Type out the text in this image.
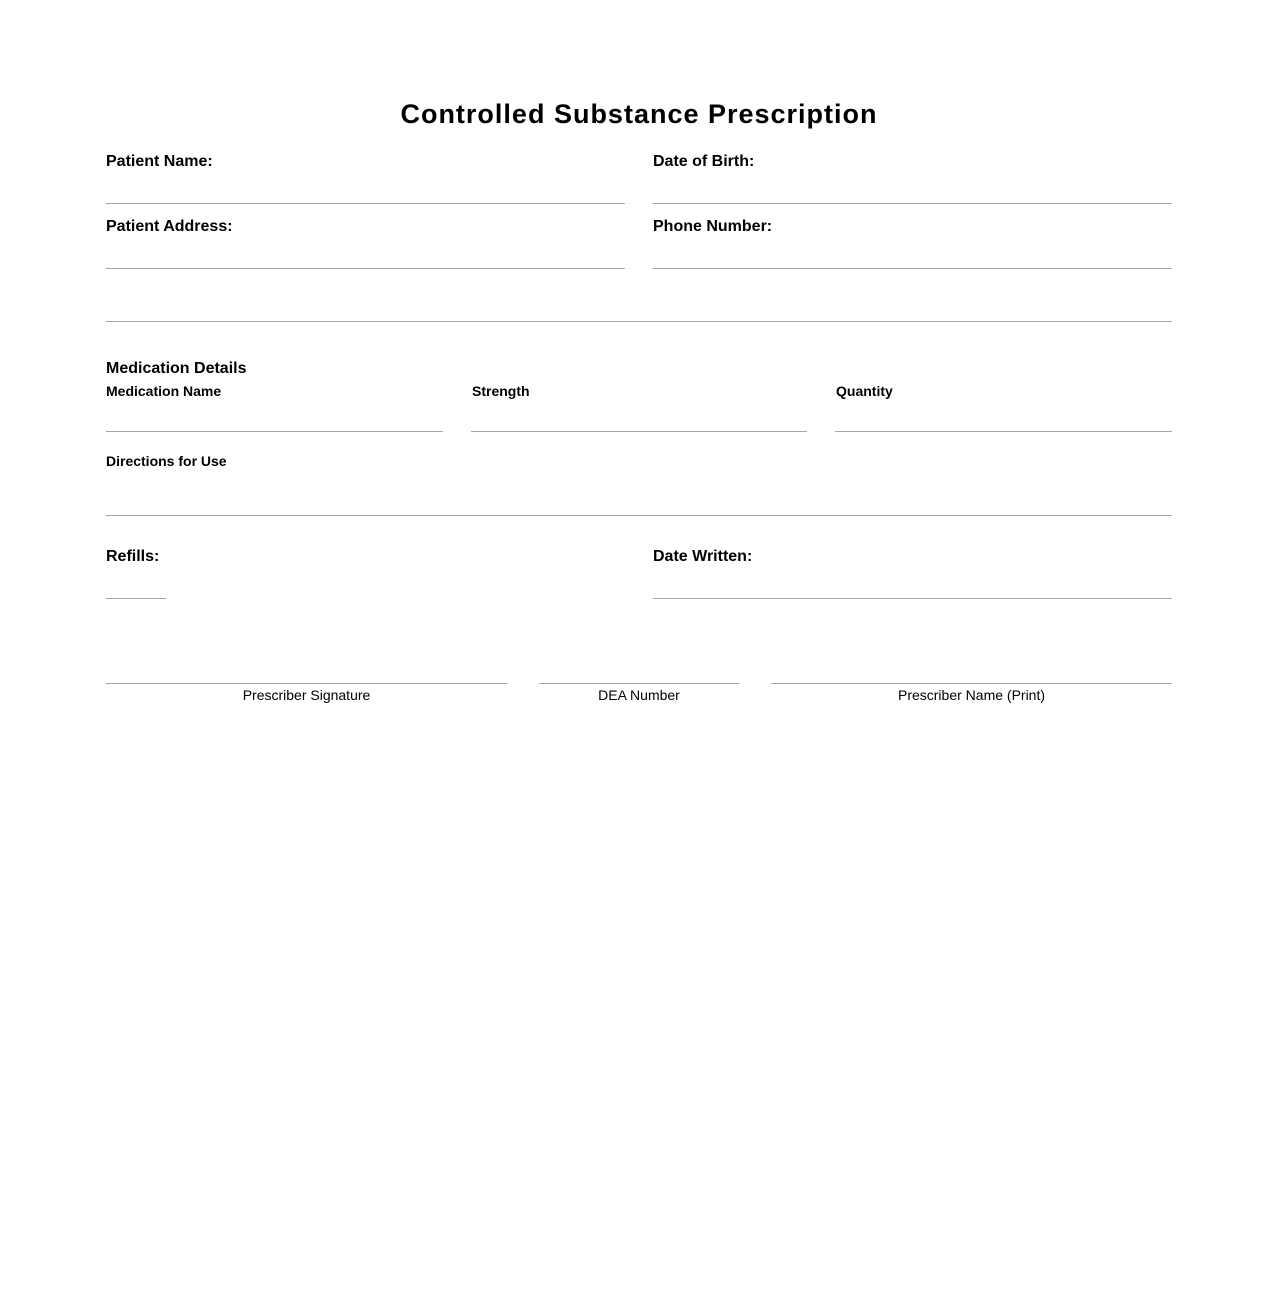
Controlled Substance Prescription
Patient Name:	Date of Birth:
Patient Address:	Phone Number:
Medication Details
Medication Name	Strength	Quantity
Directions for Use
Refills:	Date Written:
Prescriber Signature	DEA Number	Prescriber Name (Print)
